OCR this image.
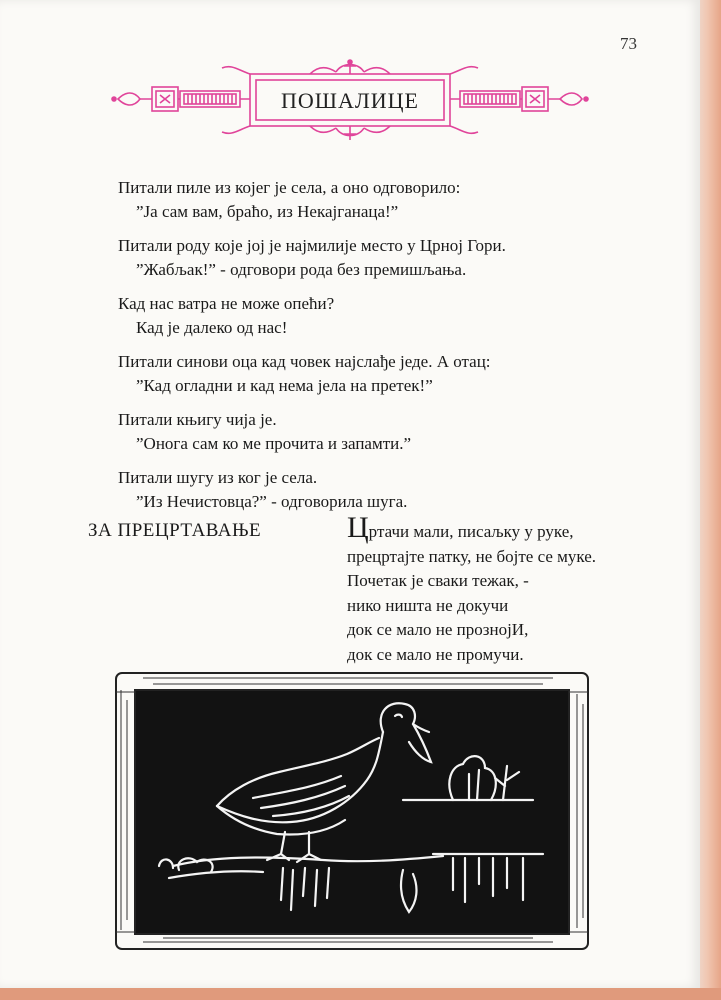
73
ПОШАЛИЦЕ

Питали пиле из којег је села, а оно одговорило:
”Ја сам вам, браћо, из Некајганаца!”

Питали роду које јој је најмилије место у Црној Гори.
”Жабљак!” - одговори рода без премишљања.

Кад нас ватра не може опећи?
Кад је далеко од нас!

Питали синови оца кад човек најслађе једе. А отац:
”Кад огладни и кад нема јела на претек!”

Питали књигу чија је.
”Онога сам ко ме прочита и запамти.”

Питали шугу из ког је села.
”Из Нечистовца?” - одговорила шуга.

ЗА ПРЕЦРТАВАЊЕ	Цртачи мали, писаљку у руке,
прецртајте патку, не бојте се муке.
Почетак је сваки тежак, -
нико ништа не докучи
док се мало не прознојИ,
док се мало не промучи.
